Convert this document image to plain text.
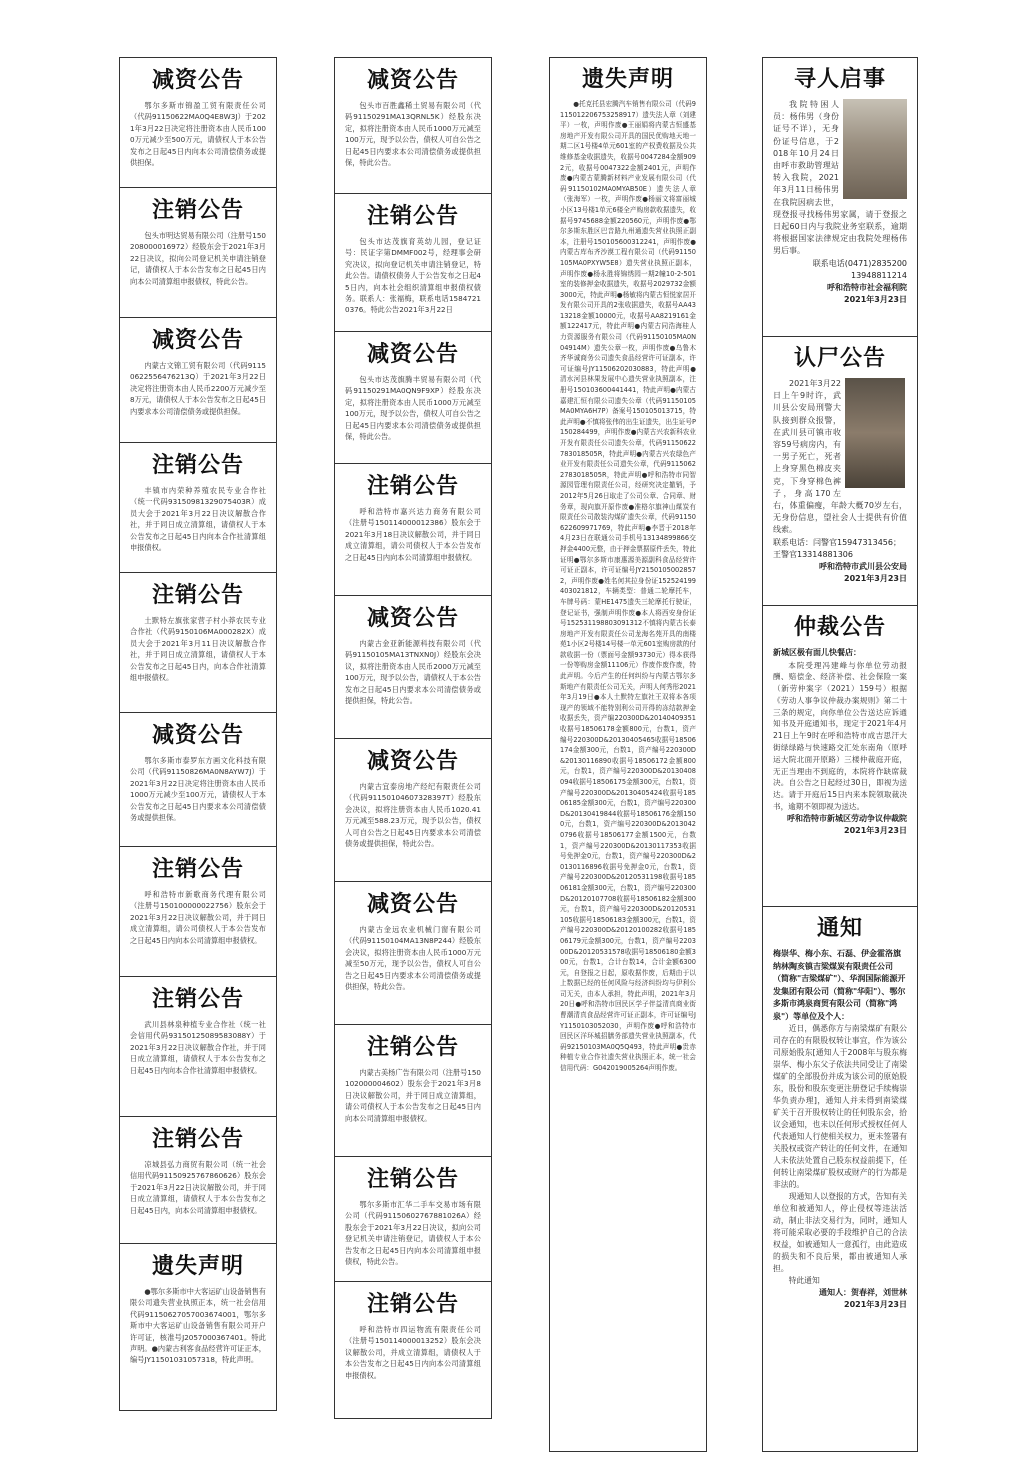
减资公告
鄂尔多斯市锦盈工贸有限责任公司（代码91150622MA0Q4E8W3J）于2021年3月22日决定将注册资本由人民币1000万元减少至500万元，请债权人于本公告发布之日起45日内向本公司清偿债务或提供担保。
注销公告
包头市明达贸易有限公司（注册号150208000016972）经股东会于2021年3月22日决议，拟向公司登记机关申请注销登记，请债权人于本公告发布之日起45日内向本公司清算组申报债权，特此公告。
减资公告
内蒙古文锦工贸有限公司（代码91150622556476213Q）于2021年3月22日决定将注册资本由人民币2200万元减少至8万元，请债权人于本公告发布之日起45日内要求本公司清偿债务或提供担保。
注销公告
丰镇市内荣种养殖农民专业合作社（统一代码93150981329075403R）成员大会于2021年3月22日决议解散合作社，并于同日成立清算组，请债权人于本公告发布之日起45日内向本合作社清算组申报债权。
注销公告
土默特左旗张家营子村小莽农民专业合作社（代码9150106MA000282X）成员大会于2021年3月11日决议解散合作社，并于同日成立清算组，请债权人于本公告发布之日起45日内，向本合作社清算组申报债权。
减资公告
鄂尔多斯市泰罗东方画文化科技有限公司（代码91150826MA0N8AYW7J）于2021年3月22日决定将注册资本由人民币1000万元减少至100万元，请债权人于本公告发布之日起45日内要求本公司清偿债务或提供担保。
注销公告
呼和浩特市新歌商务代理有限公司（注册号150100000022756）股东会于2021年3月22日决议解散公司，并于同日成立清算组，请公司债权人于本公告发布之日起45日内向本公司清算组申报债权。
注销公告
武川县林泉种植专业合作社（统一社会信用代码93150125089583088Y）于2021年3月22日决议解散合作社，并于同日成立清算组，请债权人于本公告发布之日起45日内向本合作社清算组申报债权。
注销公告
凉城县弘力商贸有限公司（统一社会信用代码91150925767860626）股东会于2021年3月22日决议解散公司，并于同日成立清算组，请债权人于本公告发布之日起45日内，向本公司清算组申报债权。
遗失声明
●鄂尔多斯市中大客运矿山设备销售有限公司遗失营业执照正本，统一社会信用代码91150627057003674001，鄂尔多斯市中大客运矿山设备销售有限公司开户许可证，核准号J2057000367401。特此声明。●内蒙古利客食品经营许可证正本，编号JY11501031057318，特此声明。
减资公告
包头市百胜鑫稀土贸易有限公司（代码91150291MA13QRNL5K）经股东决定，拟将注册资本由人民币1000万元减至100万元，现予以公告，债权人可自公告之日起45日内要求本公司清偿债务或提供担保，特此公告。
注销公告
包头市达茂旗育英幼儿园，登记证号：民证字第DMMF002号，经理事会研究决议，拟向登记机关申请注销登记，特此公告。请债权债务人于公告发布之日起45日内，向本社会组织清算组申报债权债务。联系人：张福梅，联系电话15847210376。特此公告2021年3月22日
减资公告
包头市达茂旗腾丰贸易有限公司（代码91150291MA0QN9F9XP）经股东决定，拟将注册资本由人民币1000万元减至100万元，现予以公告，债权人可自公告之日起45日内要求本公司清偿债务或提供担保，特此公告。
注销公告
呼和浩特市嘉兴达力商务有限公司（注册号150114000012386）股东会于2021年3月18日决议解散公司，并于同日成立清算组，请公司债权人于本公告发布之日起45日内向本公司清算组申报债权。
减资公告
内蒙古金亚新能源科技有限公司（代码91150105MA13TNXN0J）经股东会决议，拟将注册资本由人民币2000万元减至100万元，现予以公告，请债权人于本公告发布之日起45日内要求本公司清偿债务或提供担保，特此公告。
减资公告
内蒙古宜泰房地产经纪有限责任公司（代码91150104607328397T）经股东会决议，拟将注册资本由人民币1020.41万元减至588.23万元，现予以公告，债权人可自公告之日起45日内要求本公司清偿债务或提供担保，特此公告。
减资公告
内蒙古金远农业机械门窗有限公司（代码91150104MA13N8P244）经股东会决议，拟将注册资本由人民币1000万元减至50万元，现予以公告，债权人可自公告之日起45日内要求本公司清偿债务或提供担保，特此公告。
注销公告
内蒙古美杨广告有限公司（注册号150102000004602）股东会于2021年3月8日决议解散公司，并于同日成立清算组，请公司债权人于本公告发布之日起45日内向本公司清算组申报债权。
注销公告
鄂尔多斯市汇华二手车交易市场有限公司（代码91150602767881026A）经股东会于2021年3月22日决议，拟向公司登记机关申请注销登记，请债权人于本公告发布之日起45日内向本公司清算组申报债权，特此公告。
注销公告
呼和浩特市四运物流有限责任公司（注册号150114000013252）股东会决议解散公司，并成立清算组，请债权人于本公告发布之日起45日内向本公司清算组申报债权。
遗失声明
●托克托县宏腾汽车销售有限公司（代码9115012206753258917）遗失法人章（刘建平）一枚，声明作废●王丽娟将内蒙古恒盛基房地产开发有限公司开具的国民优购地天地一期二区1号楼4单元601室的产权费收据及公共维修基金收据遗失，收据号0047284金额9092元，收据号0047322金额2401元，声明作废●内蒙古蒙腾新材料产业发展有限公司（代码91150102MA0MYAB50E）遗失法人章（张海军）一枚，声明作废●杨丽文将富丽城小区13号楼1单元6楼全产购房款收据遗失，收据号9745688金额220560元，声明作废●鄂尔多斯东胜区巴音路九州通遗失营业执照正副本，注册号150105600312241，声明作废●内蒙古库布齐沙漠工程有限公司（代码91150105MA0PXYW5E8）遗失营业执照正副本，声明作废●杨永胜将锦绣园一期2幢10-2-501室的装修押金收据遗失，收据号2029732金额3000元，特此声明●杨敏将内蒙古恒悦家居开发有限公司开具的2张收据遗失，收据号AA4313218金额10000元，收据号AA8219161金额122417元，特此声明●内蒙古同浩海桂人力资源服务有限公司（代码91150105MA0N04914M）遗失公章一枚，声明作废●乌鲁木齐华诚商务公司遗失食品经营许可证副本，许可证编号JY11506202030883，特此声明●清水河县林果发展中心遗失营业执照副本，注册号150103600441441，特此声明●内蒙古嘉建汇恒有限公司遗失公章（代码91150105MA0MYA6H7P）备案号150105013715，特此声明●不慎将张伟的出生证遗失，出生证号P150284499，声明作废●内蒙古兴农新科农业开发有限责任公司遗失公章，代码91150622783018505R，特此声明●内蒙古兴农绿色产业开发有限责任公司遗失公章，代码91150622783018505R，特此声明●呼和浩特市同智源园管理有限责任公司，经研究决定撤销，予2012年5月26日取走了公司公章、合同章、财务章，现向旗开原作废●准格尔旗神山煤炭有限责任公司散装沟煤矿遗失公章，代码91150622609971769，特此声明●李晋于2018年4月23日在联通公司手机号13134899866交押金4400元整，由于押金票据原件丢失，特此证明●鄂尔多斯市康惠源美源副科食品经营许可证正副本，许可证编号JY21501050028572，声明作废●姓名何其拉身份证152524199403021812，车辆类型：普通二轮摩托车，车牌号码：蒙HE1475遗失三轮摩托行驶证，登记证书，强制声明作废●本人将西安身份证号152531198803091312不慎将内蒙古长泰房地产开发有限责任公司龙海名苑开具的南楼苑1小区2号楼14号楼一单元601室购房款的付款收据一份（票面号金额93730元）得本获得一份等购房金额11106元）作废作废作废，特此声明。今后产生的任何纠纷与内蒙古鄂尔多斯地产有限责任公司无关，声明人何秀彤2021年3月19日●本人土默特左旗社王双将本各项现产的领域不能特别利公司开得的冻结款押金收据丢失，资产编220300D&20140409351收据号18506178金额800元，台数1，资产编号220300D&20130405465收据号18506174金额300元，台数1，资产编号220300D&20130116890收据号18506172金额800元，台数1，资产编号220300D&20130408094收据号18506175金额300元，台数1，资产编号220300D&20130405424收据号18506185金额300元，台数1，资产编号220300D&20130419844收据号18506176金额1500元，台数1，资产编号220300D&20130420796收据号18506177金额1500元，台数1，资产编号220300D&20130117353收据号免押金0元，台数1，资产编号220300D&20130116896收据号免押金0元，台数1，资产编号220300D&20120531198收据号18506181金额300元，台数1，资产编号220300D&20120107708收据号18506182金额300元，台数1，资产编号220300D&20120531105收据号18506183金额300元，台数1，资产编号220300D&20120100282收据号18506179元金额300元，台数1，资产编号220300D&20120531578收据号18506180金额300元，台数1，合计台数14，合计金额6300元，自登报之日起，原收据作废，后期由于以上数据已经的任何风险与经济纠纷均与伊利公司无关，由本人承担，特此声明，2021年3月20日●呼和浩特市回民区学子伴益清真商业街曹潮清真食品经营许可证正副本，许可证编号JY1150103052030，声明作废●呼和浩特市回民区洋环城招膳务部遗失营业执照副本，代码92150103MA0Q5Q493，特此声明●贵赤种植专业合作社遗失营业执照正本，统一社会信用代码：G042019005264声明作废。
寻人启事
我院特困人员：杨伟男（身份证号不详），无身份证号信息，于2018年10月24日由呼市救助管理站转入我院，2021年3月11日杨伟男在我院因病去世，现登报寻找杨伟男家属，请于登报之日起60日内与我院业务室联系，逾期将根据国家法律规定由我院处理杨伟男后事。
联系电话(0471)2835200
13948811214
呼和浩特市社会福利院
2021年3月23日
认尸公告
2021年3月22日上午9时许，武川县公安局刑警大队接到群众报警，在武川县可镇市收容59号病房内，有一男子死亡，死者上身穿黑色棉皮夹克，下身穿棉色裤子，身高170左右，体重偏瘦，年龄大概70岁左右，无身份信息，望社会人士提供有价值线索。
联系电话：闫警官15947313456；
王警官13314881306
呼和浩特市武川县公安局
2021年3月23日
仲裁公告
新城区极有面儿快餐店：
本院受理冯建峰与你单位劳动报酬、赔偿金、经济补偿、社会保险一案（新劳仲案字（2021）159号）根据《劳动人事争议仲裁办案规则》第二十三条的规定，向你单位公告送达应诉通知书及开庭通知书，现定于2021年4月21日上午9时在呼和浩特市成吉思汗大街绿绿路与快速路交汇处东南角（原呼运大院北面开原路）三楼仲裁庭开庭，无正当理由不到庭的，本院将作缺席裁决。自公告之日起经过30日，即视为送达。请于开庭后15日内来本院领取裁决书，逾期不领即视为送达。
呼和浩特市新城区劳动争议仲裁院
2021年3月23日
通知
梅崇华、梅小东、石磊、伊金霍洛旗纳林陶亥镇吉梁煤炭有限责任公司（简称"吉梁煤矿"）、华润国际能源开发集团有限公司（简称"华阳"）、鄂尔多斯市鸿泉商贸有限公司（简称"鸿泉"）等单位及个人：
近日，偶悉你方与南梁煤矿有限公司存在的有限股权转让事宜，作为该公司原始股东[通知人于2008年与股东梅崇华、梅小东父子依法共同受让了南梁煤矿的全部股份并成为该公司的原始股东，股份和股东变更注册登记手续梅崇华负责办理]，通知人并未得到南梁煤矿关于召开股权转让的任何股东会，拾议会通知，也未以任何形式授权任何人代表通知人行使相关权力，更未签署有关股权或资产转让的任何文件，在通知人未依法处置自己股东权益前提下，任何转让南梁煤矿股权或财产的行为都是非法的。
现通知人以登报的方式，告知有关单位和被通知人，停止侵权等违法活动，制止非法交易行为，同时，通知人将可能采取必要的手段维护自己的合法权益，如被通知人一意孤行，由此造成的损失和不良后果，都由被通知人承担。
特此通知
通知人：贺春祥，刘世林
2021年3月23日
